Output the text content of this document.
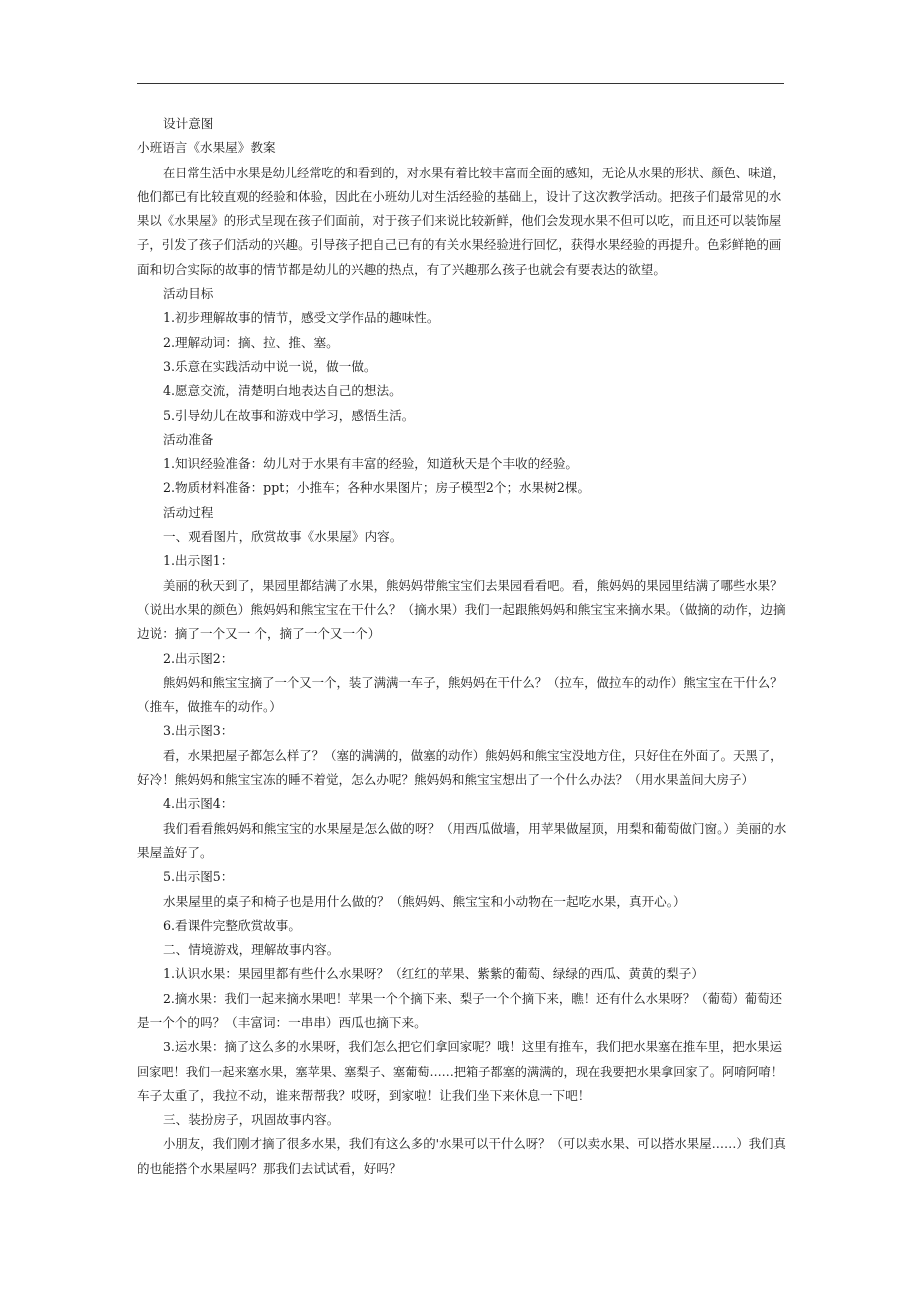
设计意图
小班语言《水果屋》教案
在日常生活中水果是幼儿经常吃的和看到的，对水果有着比较丰富而全面的感知，无论从水果的形状、颜色、味道，
他们都已有比较直观的经验和体验，因此在小班幼儿对生活经验的基础上，设计了这次教学活动。把孩子们最常见的水
果以《水果屋》的形式呈现在孩子们面前，对于孩子们来说比较新鲜，他们会发现水果不但可以吃，而且还可以装饰屋
子，引发了孩子们活动的兴趣。引导孩子把自己已有的有关水果经验进行回忆，获得水果经验的再提升。色彩鲜艳的画
面和切合实际的故事的情节都是幼儿的兴趣的热点，有了兴趣那么孩子也就会有要表达的欲望。
活动目标
1.初步理解故事的情节，感受文学作品的趣味性。
2.理解动词：摘、拉、推、塞。
3.乐意在实践活动中说一说，做一做。
4.愿意交流，清楚明白地表达自己的想法。
5.引导幼儿在故事和游戏中学习，感悟生活。
活动准备
1.知识经验准备：幼儿对于水果有丰富的经验，知道秋天是个丰收的经验。
2.物质材料准备：ppt；小推车；各种水果图片；房子模型2个；水果树2棵。
活动过程
一、观看图片，欣赏故事《水果屋》内容。
1.出示图1：
美丽的秋天到了，果园里都结满了水果，熊妈妈带熊宝宝们去果园看看吧。看，熊妈妈的果园里结满了哪些水果？
（说出水果的颜色）熊妈妈和熊宝宝在干什么？（摘水果）我们一起跟熊妈妈和熊宝宝来摘水果。（做摘的动作，边摘
边说：摘了一个又一 个，摘了一个又一个）
2.出示图2：
熊妈妈和熊宝宝摘了一个又一个，装了满满一车子，熊妈妈在干什么？（拉车，做拉车的动作）熊宝宝在干什么？
（推车，做推车的动作。）
3.出示图3：
看，水果把屋子都怎么样了？（塞的满满的，做塞的动作）熊妈妈和熊宝宝没地方住，只好住在外面了。天黑了，
好冷！熊妈妈和熊宝宝冻的睡不着觉，怎么办呢？熊妈妈和熊宝宝想出了一个什么办法？（用水果盖间大房子）
4.出示图4：
我们看看熊妈妈和熊宝宝的水果屋是怎么做的呀？（用西瓜做墙，用苹果做屋顶，用梨和葡萄做门窗。）美丽的水
果屋盖好了。
5.出示图5：
水果屋里的桌子和椅子也是用什么做的？（熊妈妈、熊宝宝和小动物在一起吃水果，真开心。）
6.看课件完整欣赏故事。
二、情境游戏，理解故事内容。
1.认识水果：果园里都有些什么水果呀？（红红的苹果、紫紫的葡萄、绿绿的西瓜、黄黄的梨子）
2.摘水果：我们一起来摘水果吧！苹果一个个摘下来、梨子一个个摘下来，瞧！还有什么水果呀？（葡萄）葡萄还
是一个个的吗？（丰富词：一串串）西瓜也摘下来。
3.运水果：摘了这么多的水果呀，我们怎么把它们拿回家呢？哦！这里有推车，我们把水果塞在推车里，把水果运
回家吧！我们一起来塞水果，塞苹果、塞梨子、塞葡萄……把箱子都塞的满满的，现在我要把水果拿回家了。阿唷阿唷！
车子太重了，我拉不动，谁来帮帮我？哎呀，到家啦！让我们坐下来休息一下吧！
三、装扮房子，巩固故事内容。
小朋友，我们刚才摘了很多水果，我们有这么多的'水果可以干什么呀？（可以卖水果、可以搭水果屋……）我们真
的也能搭个水果屋吗？那我们去试试看，好吗？
